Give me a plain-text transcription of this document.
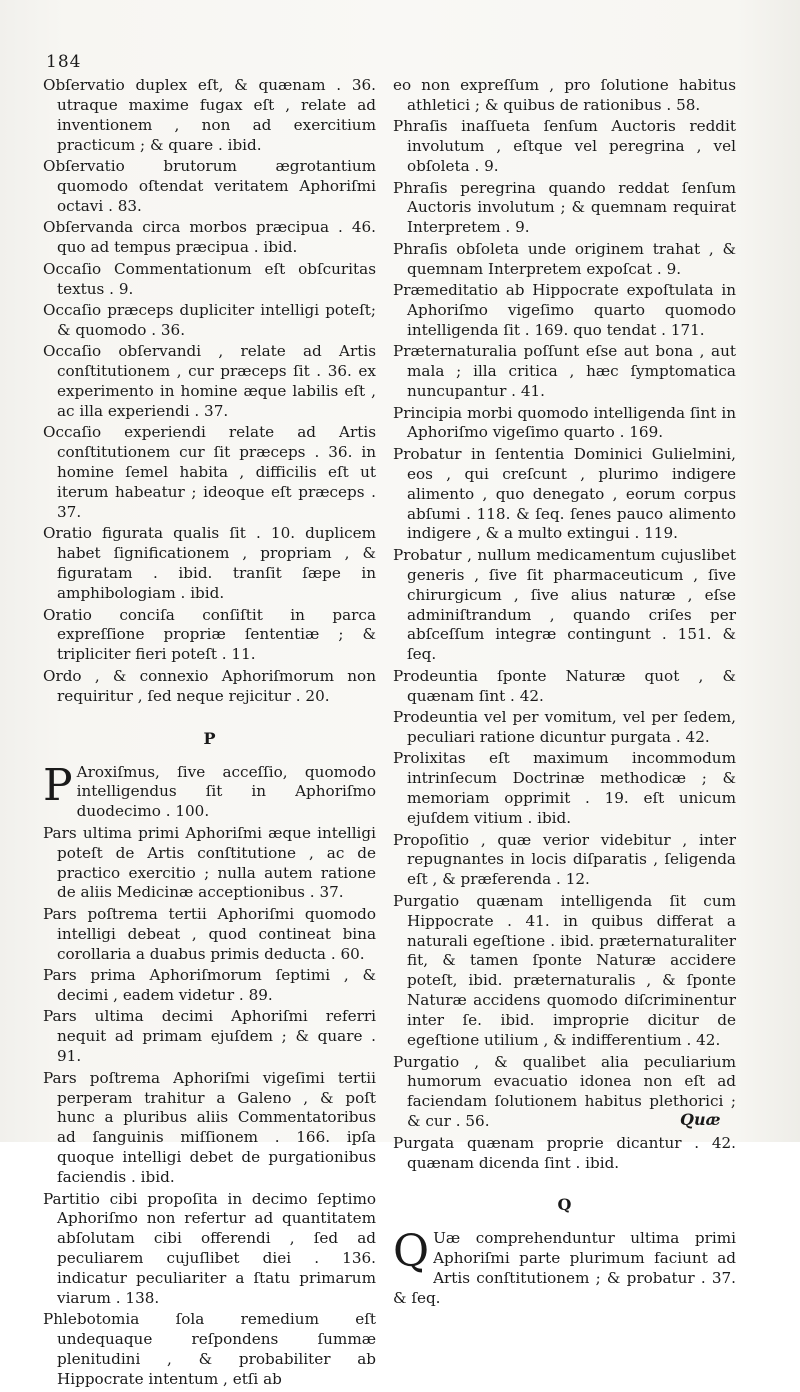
184

Obſervatio duplex eſt, & quænam . 36. utraque maxime fugax eſt , relate ad inventionem , non ad exercitium practicum ; & quare . ibid.

Obſervatio brutorum ægrotantium quomodo oſtendat veritatem Aphoriſmi octavi . 83.

Obſervanda circa morbos præcipua . 46. quo ad tempus præcipua . ibid.

Occaſio Commentationum eſt obſcuritas textus . 9.

Occaſio præceps dupliciter intelligi poteſt; & quomodo . 36.

Occaſio obſervandi , relate ad Artis conſtitutionem , cur præceps ſit . 36. ex experimento in homine æque labilis eſt , ac illa experiendi . 37.

Occaſio experiendi relate ad Artis conſtitutionem cur ſit præceps . 36. in homine ſemel habita , difficilis eſt ut iterum habeatur ; ideoque eſt præceps . 37.

Oratio figurata qualis ſit . 10. duplicem habet ſignificationem , propriam , & figuratam . ibid. tranſit ſæpe in amphibologiam . ibid.

Oratio conciſa conſiſtit in parca expreſſione propriæ ſententiæ ; & tripliciter fieri poteſt . 11.

Ordo , & connexio Aphoriſmorum non requiritur , ſed neque rejicitur . 20.

P

P Aroxiſmus, ſive acceſſio, quomodo intelligendus ſit in Aphoriſmo duodecimo . 100.

Pars ultima primi Aphoriſmi æque intelligi poteſt de Artis conſtitutione , ac de practico exercitio ; nulla autem ratione de aliis Medicinæ acceptionibus . 37.

Pars poſtrema tertii Aphoriſmi quomodo intelligi debeat , quod contineat bina corollaria a duabus primis deducta . 60.

Pars prima Aphoriſmorum ſeptimi , & decimi , eadem videtur . 89.

Pars ultima decimi Aphoriſmi referri nequit ad primam ejuſdem ; & quare . 91.

Pars poſtrema Aphoriſmi vigeſimi tertii perperam trahitur a Galeno , & poſt hunc a pluribus aliis Commentatoribus ad ſanguinis miſſionem . 166. ipſa quoque intelligi debet de purgationibus faciendis . ibid.

Partitio cibi propoſita in decimo ſeptimo Aphoriſmo non refertur ad quantitatem abſolutam cibi offerendi , ſed ad peculiarem cujuſlibet diei . 136. indicatur peculiariter a ſtatu primarum viarum . 138.

Phlebotomia ſola remedium eſt undequaque reſpondens ſummæ plenitudini , & probabiliter ab Hippocrate intentum , etſi ab

eo non expreſſum , pro ſolutione habitus athletici ; & quibus de rationibus . 58.

Phraſis inaſſueta ſenſum Auctoris reddit involutum , eſtque vel peregrina , vel obſoleta . 9.

Phraſis peregrina quando reddat ſenſum Auctoris involutum ; & quemnam requirat Interpretem . 9.

Phraſis obſoleta unde originem trahat , & quemnam Interpretem expoſcat . 9.

Præmeditatio ab Hippocrate expoſtulata in Aphoriſmo vigeſimo quarto quomodo intelligenda ſit . 169. quo tendat . 171.

Præternaturalia poſſunt eſse aut bona , aut mala ; illa critica , hæc ſymptomatica nuncupantur . 41.

Principia morbi quomodo intelligenda ſint in Aphoriſmo vigeſimo quarto . 169.

Probatur in ſententia Dominici Gulielmini, eos , qui creſcunt , plurimo indigere alimento , quo denegato , eorum corpus abſumi . 118. & ſeq. ſenes pauco alimento indigere , & a multo extingui . 119.

Probatur , nullum medicamentum cujuslibet generis , ſive ſit pharmaceuticum , ſive chirurgicum , ſive alius naturæ , eſse adminiſtrandum , quando criſes per abſceſſum integræ contingunt . 151. & ſeq.

Prodeuntia ſponte Naturæ quot , & quænam ſint . 42.

Prodeuntia vel per vomitum, vel per ſedem, peculiari ratione dicuntur purgata . 42.

Prolixitas eſt maximum incommodum intrinſecum Doctrinæ methodicæ ; & memoriam opprimit . 19. eſt unicum ejuſdem vitium . ibid.

Propoſitio , quæ verior videbitur , inter repugnantes in locis diſparatis , ſeligenda eſt , & præferenda . 12.

Purgatio quænam intelligenda ſit cum Hippocrate . 41. in quibus differat a naturali egeſtione . ibid. præternaturaliter fit, & tamen ſponte Naturæ accidere poteſt, ibid. præternaturalis , & ſponte Naturæ accidens quomodo diſcriminentur inter ſe. ibid. improprie dicitur de egeſtione utilium , & indifferentium . 42.

Purgatio , & qualibet alia peculiarium humorum evacuatio idonea non eſt ad faciendam ſolutionem habitus plethorici ; & cur . 56.

Purgata quænam proprie dicantur . 42. quænam dicenda ſint . ibid.

Q

Q Uæ comprehenduntur ultima primi Aphoriſmi parte plurimum faciunt ad Artis conſtitutionem ; & probatur . 37. & ſeq.

Quæ
